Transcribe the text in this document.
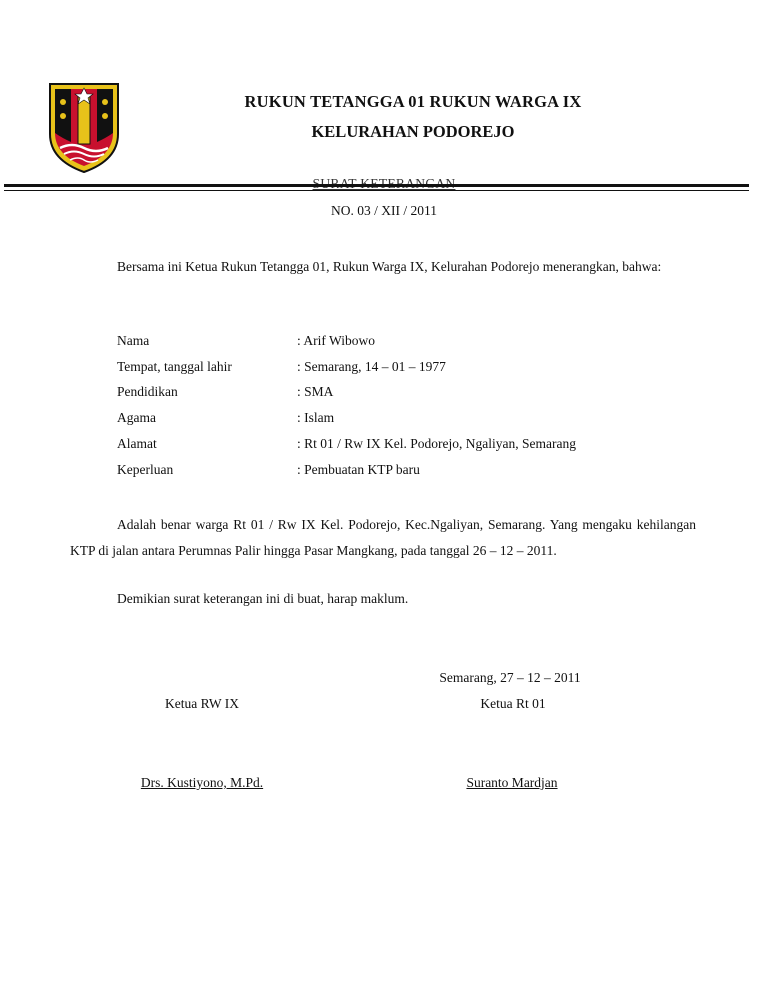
RUKUN TETANGGA 01 RUKUN WARGA IX
KELURAHAN PODOREJO
NO. 03 / XII / 2011
Bersama ini Ketua Rukun Tetangga 01, Rukun Warga IX, Kelurahan Podorejo menerangkan, bahwa:
Nama	: Arif Wibowo
Tempat, tanggal lahir	: Semarang, 14 – 01 – 1977
Pendidikan	: SMA
Agama	: Islam
Alamat	: Rt 01 / Rw IX Kel. Podorejo, Ngaliyan, Semarang
Keperluan	: Pembuatan KTP baru
Adalah benar warga Rt 01 / Rw IX Kel. Podorejo, Kec.Ngaliyan, Semarang. Yang mengaku kehilangan KTP di jalan antara Perumnas Palir hingga Pasar Mangkang, pada tanggal 26 – 12 – 2011.
Demikian surat keterangan ini di buat, harap maklum.
Semarang, 27 – 12 – 2011
Ketua RW IX	Ketua Rt 01
Drs. Kustiyono, M.Pd.	Suranto Mardjan
